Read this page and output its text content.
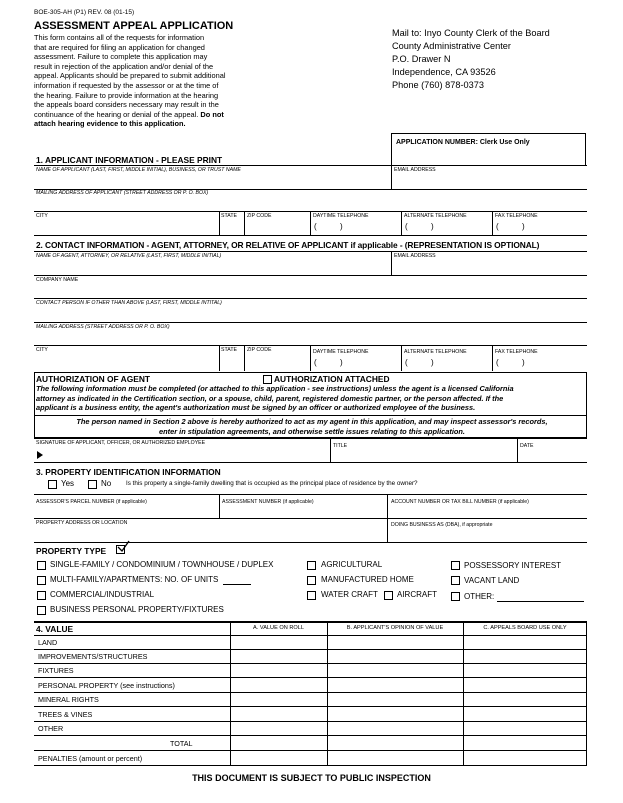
BOE-305-AH (P1) REV. 08 (01-15)
ASSESSMENT APPEAL APPLICATION
This form contains all of the requests for information
that are required for filing an application for changed
assessment. Failure to complete this application may
result in rejection of the application and/or denial of the
appeal. Applicants should be prepared to submit additional
information if requested by the assessor or at the time of
the hearing. Failure to provide information at the hearing
the appeals board considers necessary may result in the
continuance of the hearing or denial of the appeal. Do not
attach hearing evidence to this application.
Mail to: Inyo County Clerk of the Board
County Administrative Center
P.O. Drawer N
Independence, CA 93526
Phone (760) 878-0373
APPLICATION NUMBER: Clerk Use Only
1. APPLICANT INFORMATION - PLEASE PRINT
NAME OF APPLICANT (LAST, FIRST, MIDDLE INITIAL), BUSINESS, OR TRUST NAME	EMAIL ADDRESS
MAILING ADDRESS OF APPLICANT (STREET ADDRESS OR P. O. BOX)
CITY	STATE ZIP CODE	DAYTIME TELEPHONE	ALTERNATE TELEPHONE	FAX TELEPHONE
(	)	(	)	(	)
2. CONTACT INFORMATION - AGENT, ATTORNEY, OR RELATIVE OF APPLICANT if applicable - (REPRESENTATION IS OPTIONAL)
NAME OF AGENT, ATTORNEY, OR RELATIVE (LAST, FIRST, MIDDLE INITIAL)	EMAIL ADDRESS
COMPANY NAME
CONTACT PERSON IF OTHER THAN ABOVE (LAST, FIRST, MIDDLE INTITAL)
MAILING ADDRESS (STREET ADDRESS OR P. O. BOX)
CITY	STATE ZIP CODE	DAYTIME TELEPHONE	ALTERNATE TELEPHONE	FAX TELEPHONE
(	)	(	)	(	)
AUTHORIZATION OF AGENT	AUTHORIZATION ATTACHED
The following information must be completed (or attached to this application - see instructions) unless the agent is a licensed California
attorney as indicated in the Certification section, or a spouse, child, parent, registered domestic partner, or the person affected. If the
applicant is a business entity, the agent's authorization must be signed by an officer or authorized employee of the business.
The person named in Section 2 above is hereby authorized to act as my agent in this application, and may inspect assessor's records,
enter in stipulation agreements, and otherwise settle issues relating to this application.
SIGNATURE OF APPLICANT, OFFICER, OR AUTHORIZED EMPLOYEE	TITLE	DATE
3. PROPERTY IDENTIFICATION INFORMATION
Yes	No Is this property a single-family dwelling that is occupied as the principal place of residence by the owner?
ASSESSOR'S PARCEL NUMBER (if applicable)	ASSESSMENT NUMBER (if applicable)	ACCOUNT NUMBER OR TAX BILL NUMBER (if applicable)
PROPERTY ADDRESS OR LOCATION	DOING BUSINESS AS (DBA), if appropriate
PROPERTY TYPE
SINGLE-FAMILY / CONDOMINIUM / TOWNHOUSE / DUPLEX
MULTI-FAMILY/APARTMENTS: NO. OF UNITS
COMMERCIAL/INDUSTRIAL
BUSINESS PERSONAL PROPERTY/FIXTURES
AGRICULTURAL
MANUFACTURED HOME
WATER CRAFT AIRCRAFT
POSSESSORY INTEREST
VACANT LAND
OTHER:
4. VALUE	A. VALUE ON ROLL	B. APPLICANT'S OPINION OF VALUE	C. APPEALS BOARD USE ONLY
LAND
IMPROVEMENTS/STRUCTURES
FIXTURES
PERSONAL PROPERTY (see instructions)
MINERAL RIGHTS
TREES & VINES
OTHER
TOTAL
PENALTIES (amount or percent)
THIS DOCUMENT IS SUBJECT TO PUBLIC INSPECTION
